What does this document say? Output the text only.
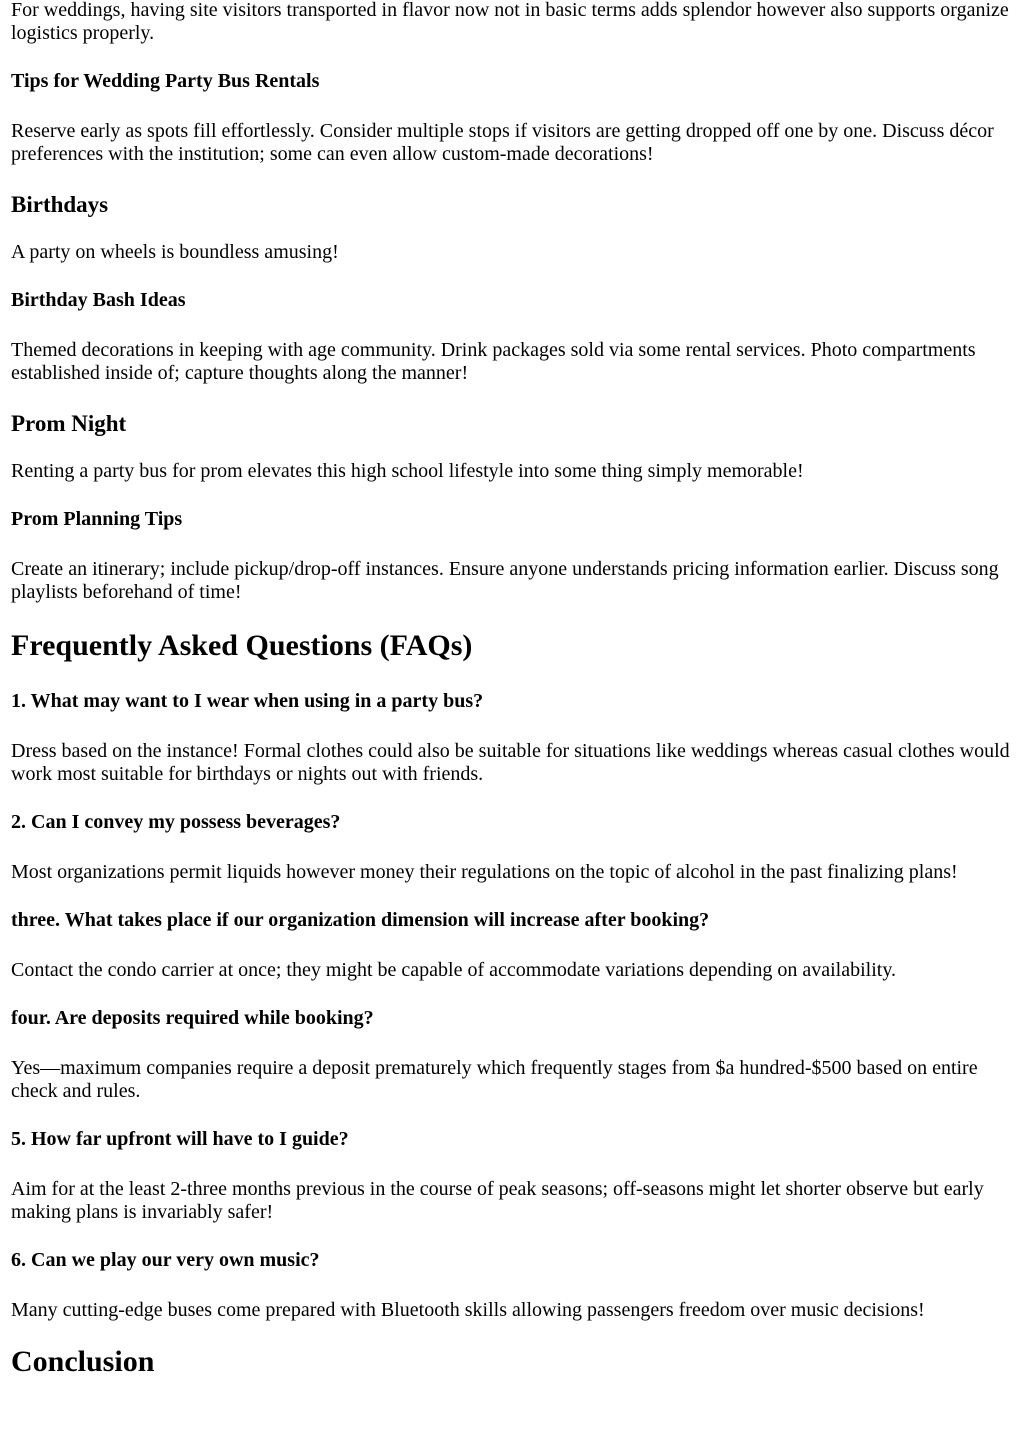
For weddings, having site visitors transported in flavor now not in basic terms adds splendor however also supports organize logistics properly.

Tips for Wedding Party Bus Rentals

Reserve early as spots fill effortlessly. Consider multiple stops if visitors are getting dropped off one by one. Discuss décor preferences with the institution; some can even allow custom-made decorations!

Birthdays

A party on wheels is boundless amusing!

Birthday Bash Ideas

Themed decorations in keeping with age community. Drink packages sold via some rental services. Photo compartments established inside of; capture thoughts along the manner!

Prom Night

Renting a party bus for prom elevates this high school lifestyle into some thing simply memorable!

Prom Planning Tips

Create an itinerary; include pickup/drop-off instances. Ensure anyone understands pricing information earlier. Discuss song playlists beforehand of time!

Frequently Asked Questions (FAQs)
1. What may want to I wear when using in a party bus?

Dress based on the instance! Formal clothes could also be suitable for situations like weddings whereas casual clothes would work most suitable for birthdays or nights out with friends.

2. Can I convey my possess beverages?

Most organizations permit liquids however money their regulations on the topic of alcohol in the past finalizing plans!

three. What takes place if our organization dimension will increase after booking?

Contact the condo carrier at once; they might be capable of accommodate variations depending on availability.

four. Are deposits required while booking?

Yes—maximum companies require a deposit prematurely which frequently stages from $a hundred-$500 based on entire check and rules.

5. How far upfront will have to I guide?

Aim for at the least 2-three months previous in the course of peak seasons; off-seasons might let shorter observe but early making plans is invariably safer!

6. Can we play our very own music?

Many cutting-edge buses come prepared with Bluetooth skills allowing passengers freedom over music decisions!

Conclusion
